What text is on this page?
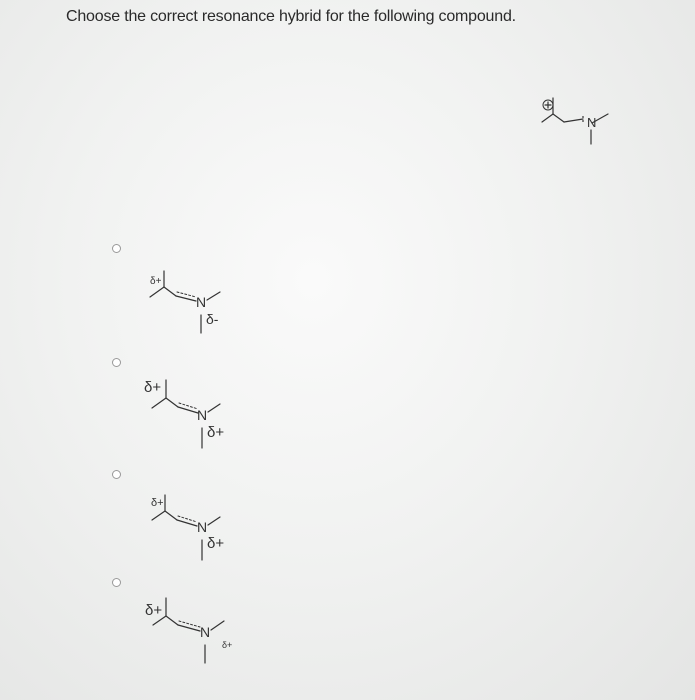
Choose the correct resonance hybrid for the following compound.
N
δ+
N
δ-
δ+
N
δ+
δ+
N
δ+
δ+
N
δ+
